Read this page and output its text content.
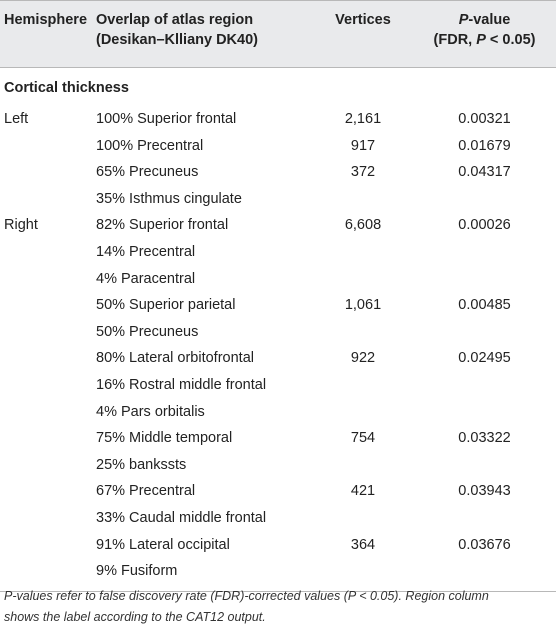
Hemisphere Overlap of atlas region
(Desikan–Klliany DK40)
Vertices	P-value
(FDR, P < 0.05)
Cortical thickness
Left	100% Superior frontal	2,161	0.00321
100% Precentral	917	0.01679
65% Precuneus	372	0.04317
35% Isthmus cingulate
Right	82% Superior frontal	6,608	0.00026
14% Precentral
4% Paracentral
50% Superior parietal	1,061	0.00485
50% Precuneus
80% Lateral orbitofrontal	922	0.02495
16% Rostral middle frontal
4% Pars orbitalis
75% Middle temporal	754	0.03322
25% bankssts
67% Precentral	421	0.03943
33% Caudal middle frontal
91% Lateral occipital	364	0.03676
9% Fusiform
P-values refer to false discovery rate (FDR)-corrected values (P < 0.05). Region column
shows the label according to the CAT12 output.
